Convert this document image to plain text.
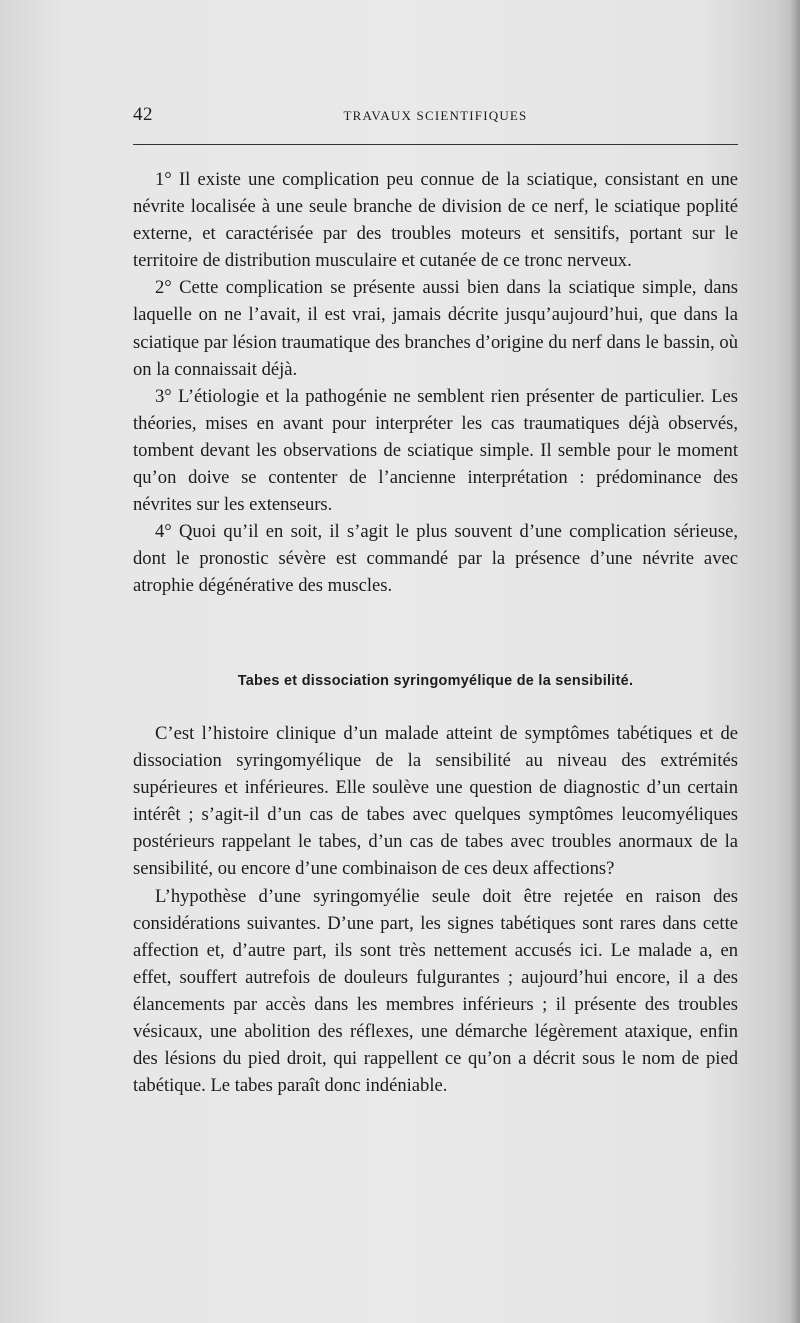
42	TRAVAUX SCIENTIFIQUES

1° Il existe une complication peu connue de la sciatique, consistant en une névrite localisée à une seule branche de division de ce nerf, le sciatique poplité externe, et caractérisée par des troubles moteurs et sensitifs, portant sur le territoire de distribution musculaire et cutanée de ce tronc nerveux.

2° Cette complication se présente aussi bien dans la sciatique simple, dans laquelle on ne l’avait, il est vrai, jamais décrite jusqu’aujourd’hui, que dans la sciatique par lésion traumatique des branches d’origine du nerf dans le bassin, où on la connaissait déjà.

3° L’étiologie et la pathogénie ne semblent rien présenter de particulier. Les théories, mises en avant pour interpréter les cas traumatiques déjà observés, tombent devant les observations de sciatique simple. Il semble pour le moment qu’on doive se contenter de l’ancienne interprétation : prédominance des névrites sur les extenseurs.

4° Quoi qu’il en soit, il s’agit le plus souvent d’une complication sérieuse, dont le pronostic sévère est commandé par la présence d’une névrite avec atrophie dégénérative des muscles.

Tabes et dissociation syringomyélique de la sensibilité.

C’est l’histoire clinique d’un malade atteint de symptômes tabétiques et de dissociation syringomyélique de la sensibilité au niveau des extrémités supérieures et inférieures. Elle soulève une question de diagnostic d’un certain intérêt ; s’agit-il d’un cas de tabes avec quelques symptômes leucomyéliques postérieurs rappelant le tabes, d’un cas de tabes avec troubles anormaux de la sensibilité, ou encore d’une combinaison de ces deux affections?

L’hypothèse d’une syringomyélie seule doit être rejetée en raison des considérations suivantes. D’une part, les signes tabétiques sont rares dans cette affection et, d’autre part, ils sont très nettement accusés ici. Le malade a, en effet, souffert autrefois de douleurs fulgurantes ; aujourd’hui encore, il a des élancements par accès dans les membres inférieurs ; il présente des troubles vésicaux, une abolition des réflexes, une démarche légèrement ataxique, enfin des lésions du pied droit, qui rappellent ce qu’on a décrit sous le nom de pied tabétique. Le tabes paraît donc indéniable.
